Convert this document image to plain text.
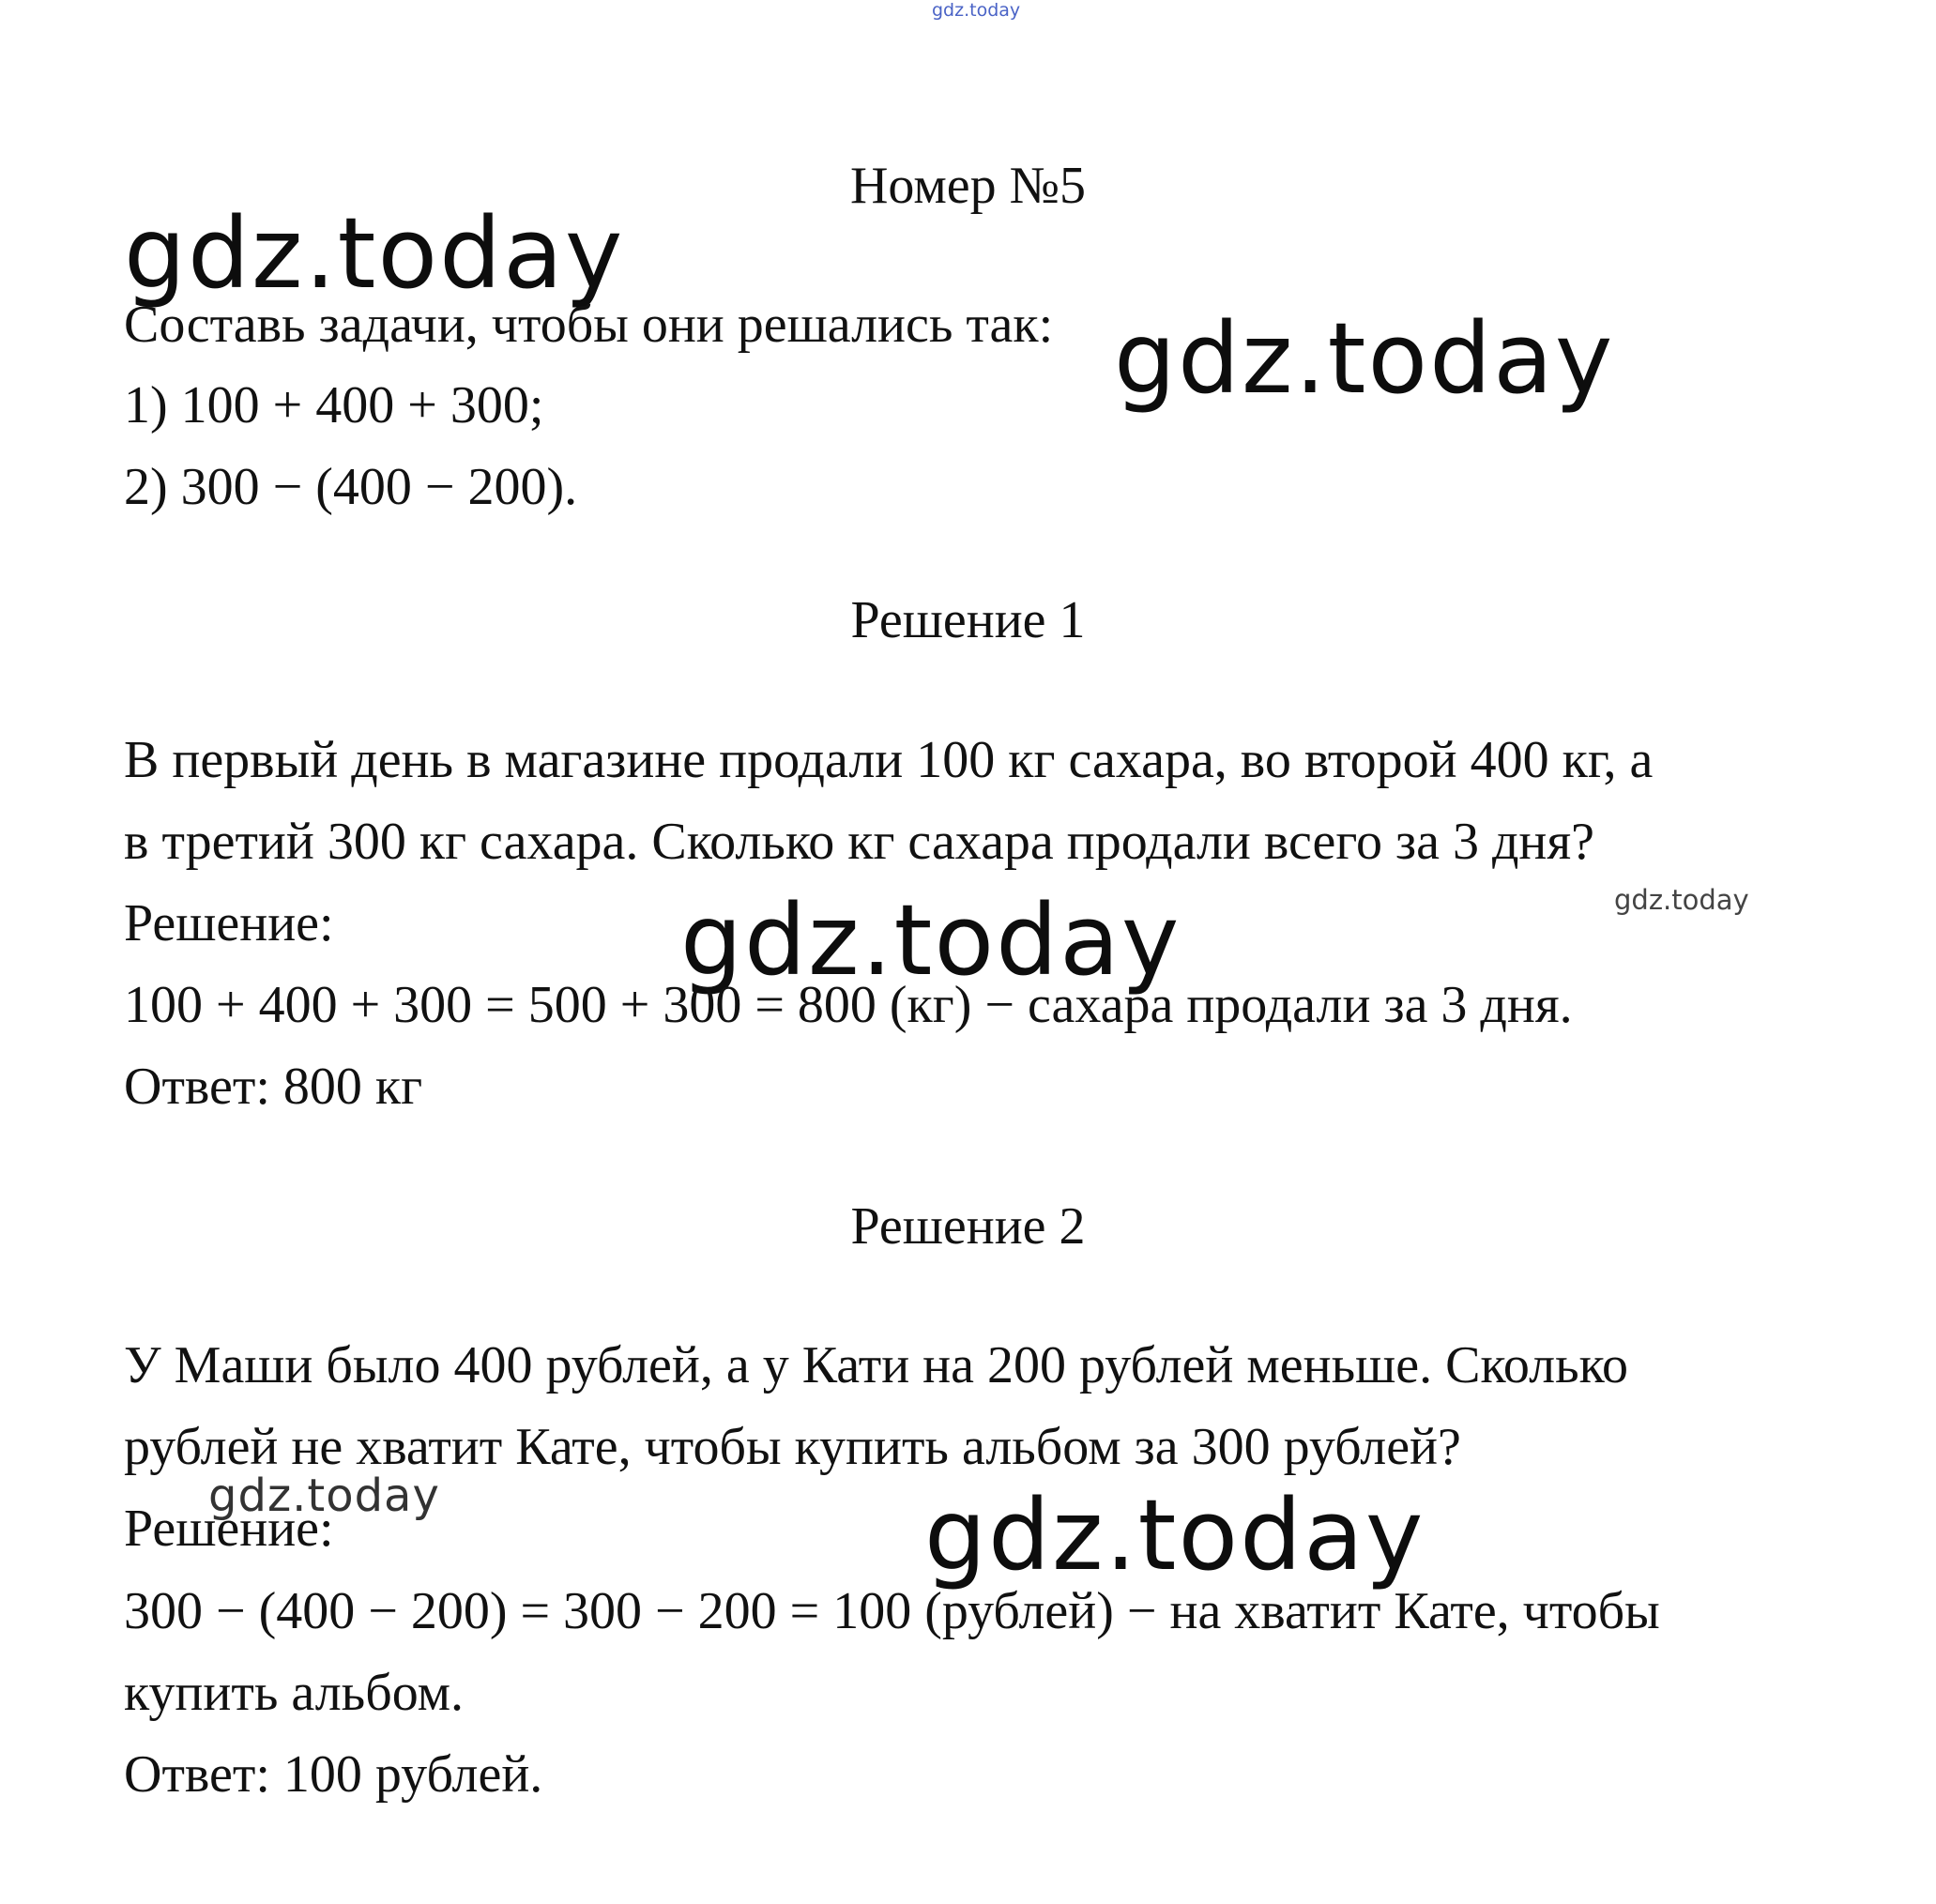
gdz.today
Номер №5
gdz.today
Составь задачи, чтобы они решались так: gdz.today
1) 100 + 400 + 300;
2) 300 − (400 − 200).
Решение 1
В первый день в магазине продали 100 кг сахара, во второй 400 кг, а
в третий 300 кг сахара. Сколько кг сахара продали всего за 3 дня?
gdz.today
Решение:	gdz.today
100 + 400 + 300 = 500 + 300 = 800 (кг) − сахара продали за 3 дня.
Ответ: 800 кг
Решение 2
У Маши было 400 рублей, а у Кати на 200 рублей меньше. Сколько
рублей не хватит Кате, чтобы купить альбом за 300 рублей?
gdz.today
Решение:	gdz.today
300 − (400 − 200) = 300 − 200 = 100 (рублей) − на хватит Кате, чтобы
купить альбом.
Ответ: 100 рублей.
